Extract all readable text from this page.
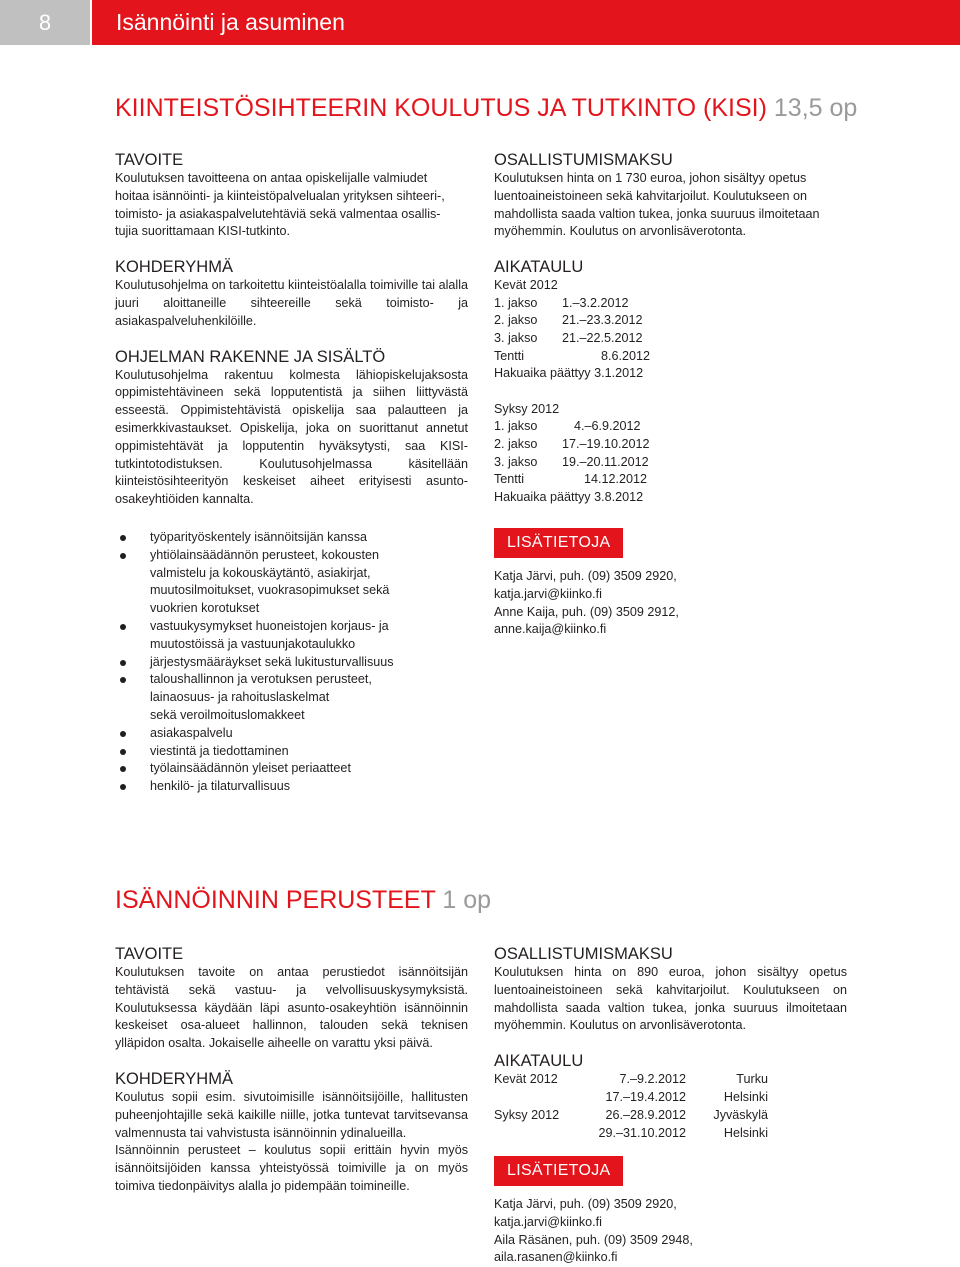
8	Isännöinti ja asuminen
KIINTEISTÖSIHTEERIN KOULUTUS JA TUTKINTO (KISI) 13,5 op
TAVOITE

Koulutuksen tavoitteena on antaa opiskelijalle valmiudet
hoitaa isännöinti- ja kiinteistöpalvelualan yrityksen sihteeri-,
toimisto- ja asiakaspalvelutehtäviä sekä valmentaa osallis-
tujia suorittamaan KISI-tutkinto.

KOHDERYHMÄ

Koulutusohjelma on tarkoitettu kiinteistöalalla toimiville tai alalla juuri aloittaneille sihteereille sekä toimisto- ja asiakaspalveluhenkilöille.

OHJELMAN RAKENNE JA SISÄLTÖ

Koulutusohjelma rakentuu kolmesta lähiopiskelujaksosta oppimistehtävineen sekä lopputentistä ja siihen liittyvästä esseestä. Oppimistehtävistä opiskelija saa palautteen ja esimerkkivastaukset. Opiskelija, joka on suorittanut annetut oppimistehtävät ja lopputentin hyväksytysti, saa KISI-tutkintotodistuksen. Koulutusohjelmassa käsitellään kiinteistösihteerityön keskeiset aiheet erityisesti asunto-osakeyhtiöiden kannalta.

työparityöskentely isännöitsijän kanssa
yhtiölainsäädännön perusteet, kokousten
valmistelu ja kokouskäytäntö, asiakirjat,
muutosilmoitukset, vuokrasopimukset sekä
vuokrien korotukset
vastuukysymykset huoneistojen korjaus- ja
muutostöissä ja vastuunjakotaulukko
järjestysmääräykset sekä lukitusturvallisuus
taloushallinnon ja verotuksen perusteet,
lainaosuus- ja rahoituslaskelmat
sekä veroilmoituslomakkeet
asiakaspalvelu
viestintä ja tiedottaminen
työlainsäädännön yleiset periaatteet
henkilö- ja tilaturvallisuus
OSALLISTUMISMAKSU

Koulutuksen hinta on 1 730 euroa, johon sisältyy opetus
luentoaineistoineen sekä kahvitarjoilut. Koulutukseen on
mahdollista saada valtion tukea, jonka suuruus ilmoitetaan
myöhemmin. Koulutus on arvonlisäverotonta.

AIKATAULU
Kevät 2012
1. jakso	1.–3.2.2012
2. jakso	21.–23.3.2012
3. jakso	21.–22.5.2012
Tentti	8.6.2012
Hakuaika päättyy 3.1.2012
Syksy 2012
1. jakso	4.–6.9.2012
2. jakso	17.–19.10.2012
3. jakso	19.–20.11.2012
Tentti	14.12.2012
Hakuaika päättyy 3.8.2012
LISÄTIETOJA

Katja Järvi, puh. (09) 3509 2920,
katja.jarvi@kiinko.fi
Anne Kaija, puh. (09) 3509 2912,
anne.kaija@kiinko.fi

ISÄNNÖINNIN PERUSTEET 1 op
TAVOITE

Koulutuksen tavoite on antaa perustiedot isännöitsijän tehtävistä sekä vastuu- ja velvollisuuskysymyksistä. Koulutuksessa käydään läpi asunto-osakeyhtiön isännöinnin keskeiset osa-alueet hallinnon, talouden sekä teknisen ylläpidon osalta. Jokaiselle aiheelle on varattu yksi päivä.

KOHDERYHMÄ

Koulutus sopii esim. sivutoimisille isännöitsijöille, hallitusten puheenjohtajille sekä kaikille niille, jotka tuntevat tarvitsevansa valmennusta tai vahvistusta isännöinnin ydinalueilla.

Isännöinnin perusteet – koulutus sopii erittäin hyvin myös isännöitsijöiden kanssa yhteistyössä toimiville ja on myös toimiva tiedonpäivitys alalla jo pidempään toimineille.

OSALLISTUMISMAKSU

Koulutuksen hinta on 890 euroa, johon sisältyy opetus luentoaineistoineen sekä kahvitarjoilut. Koulutukseen on mahdollista saada valtion tukea, jonka suuruus ilmoitetaan myöhemmin. Koulutus on arvonlisäverotonta.

AIKATAULU
Kevät 2012	7.–9.2.2012	Turku
17.–19.4.2012	Helsinki
Syksy 2012	26.–28.9.2012	Jyväskylä
29.–31.10.2012	Helsinki
LISÄTIETOJA

Katja Järvi, puh. (09) 3509 2920,
katja.jarvi@kiinko.fi
Aila Räsänen, puh. (09) 3509 2948,
aila.rasanen@kiinko.fi
